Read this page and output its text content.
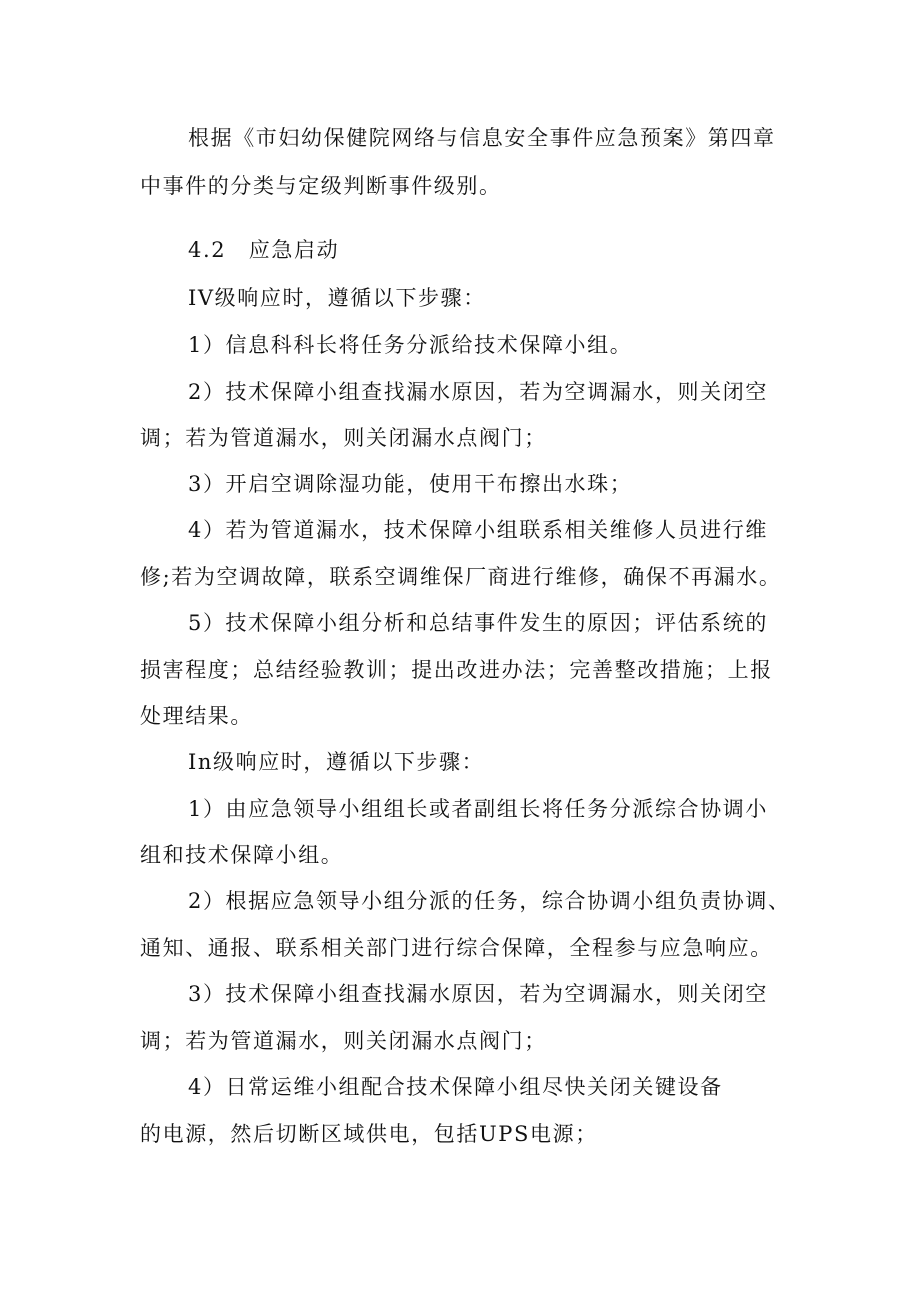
根据《市妇幼保健院网络与信息安全事件应急预案》第四章
中事件的分类与定级判断事件级别。
4.2　应急启动
IV级响应时，遵循以下步骤：
1）信息科科长将任务分派给技术保障小组。
2）技术保障小组查找漏水原因，若为空调漏水，则关闭空
调；若为管道漏水，则关闭漏水点阀门；
3）开启空调除湿功能，使用干布擦出水珠；
4）若为管道漏水，技术保障小组联系相关维修人员进行维
修;若为空调故障，联系空调维保厂商进行维修，确保不再漏水。
5）技术保障小组分析和总结事件发生的原因；评估系统的
损害程度；总结经验教训；提出改进办法；完善整改措施；上报
处理结果。
In级响应时，遵循以下步骤：
1）由应急领导小组组长或者副组长将任务分派综合协调小
组和技术保障小组。
2）根据应急领导小组分派的任务，综合协调小组负责协调、
通知、通报、联系相关部门进行综合保障，全程参与应急响应。
3）技术保障小组查找漏水原因，若为空调漏水，则关闭空
调；若为管道漏水，则关闭漏水点阀门；
4）日常运维小组配合技术保障小组尽快关闭关键设备
的电源，然后切断区域供电，包括UPS电源；
